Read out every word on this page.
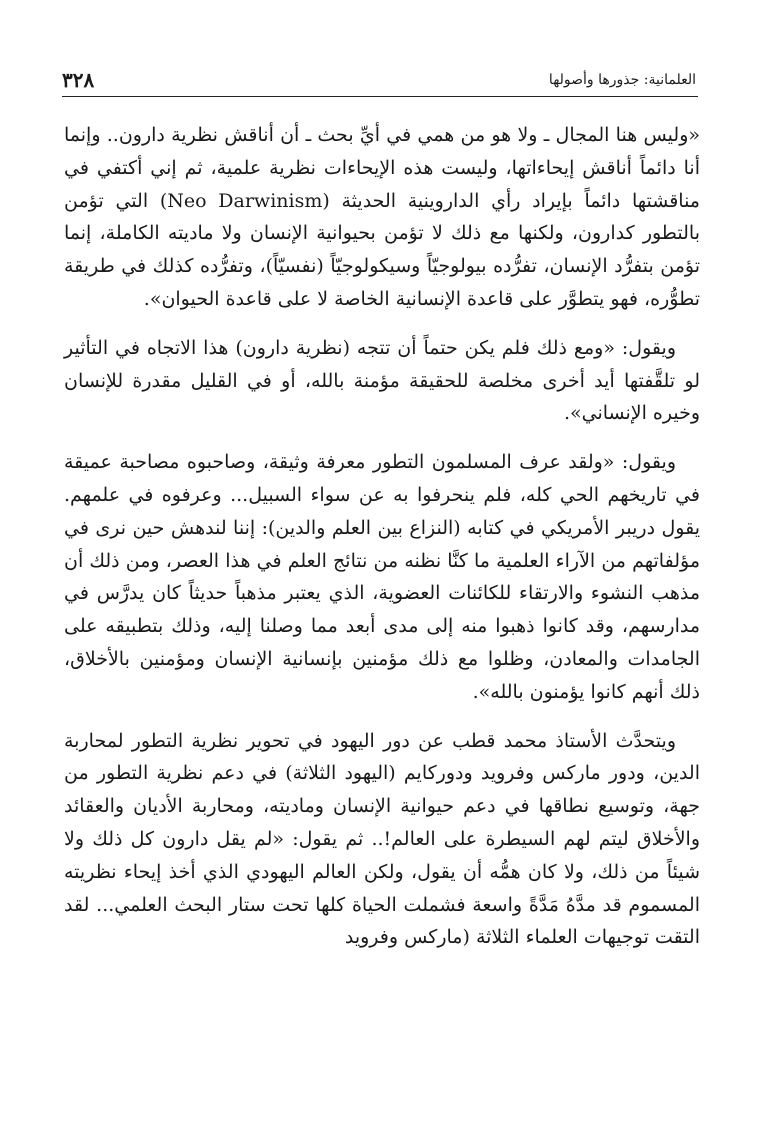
٣٢٨	العلمانية: جذورها وأصولها

«وليس هنا المجال ـ ولا هو من همي في أيِّ بحث ـ أن أناقش نظرية دارون.. وإنما أنا دائماً أناقش إيحاءاتها، وليست هذه الإيحاءات نظرية علمية، ثم إني أكتفي في مناقشتها دائماً بإيراد رأي الداروينية الحديثة (Neo Darwinism) التي تؤمن بالتطور كدارون، ولكنها مع ذلك لا تؤمن بحيوانية الإنسان ولا ماديته الكاملة، إنما تؤمن بتفرُّد الإنسان، تفرُّده بيولوجيّاً وسيكولوجيّاً (نفسيّاً)، وتفرُّده كذلك في طريقة تطوُّره، فهو يتطوَّر على قاعدة الإنسانية الخاصة لا على قاعدة الحيوان».

ويقول: «ومع ذلك فلم يكن حتماً أن تتجه (نظرية دارون) هذا الاتجاه في التأثير لو تلقَّفتها أيد أخرى مخلصة للحقيقة مؤمنة بالله، أو في القليل مقدرة للإنسان وخيره الإنساني».

ويقول: «ولقد عرف المسلمون التطور معرفة وثيقة، وصاحبوه مصاحبة عميقة في تاريخهم الحي كله، فلم ينحرفوا به عن سواء السبيل... وعرفوه في علمهم. يقول دريبر الأمريكي في كتابه (النزاع بين العلم والدين): إننا لندهش حين نرى في مؤلفاتهم من الآراء العلمية ما كنَّا نظنه من نتائج العلم في هذا العصر، ومن ذلك أن مذهب النشوء والارتقاء للكائنات العضوية، الذي يعتبر مذهباً حديثاً كان يدرَّس في مدارسهم، وقد كانوا ذهبوا منه إلى مدى أبعد مما وصلنا إليه، وذلك بتطبيقه على الجامدات والمعادن، وظلوا مع ذلك مؤمنين بإنسانية الإنسان ومؤمنين بالأخلاق، ذلك أنهم كانوا يؤمنون بالله».

ويتحدَّث الأستاذ محمد قطب عن دور اليهود في تحوير نظرية التطور لمحاربة الدين، ودور ماركس وفرويد ودوركايم (اليهود الثلاثة) في دعم نظرية التطور من جهة، وتوسيع نطاقها في دعم حيوانية الإنسان وماديته، ومحاربة الأديان والعقائد والأخلاق ليتم لهم السيطرة على العالم!.. ثم يقول: «لم يقل دارون كل ذلك ولا شيئاً من ذلك، ولا كان همُّه أن يقول، ولكن العالم اليهودي الذي أخذ إيحاء نظريته المسموم قد مدَّهُ مَدَّةً واسعة فشملت الحياة كلها تحت ستار البحث العلمي... لقد التقت توجيهات العلماء الثلاثة (ماركس وفرويد
